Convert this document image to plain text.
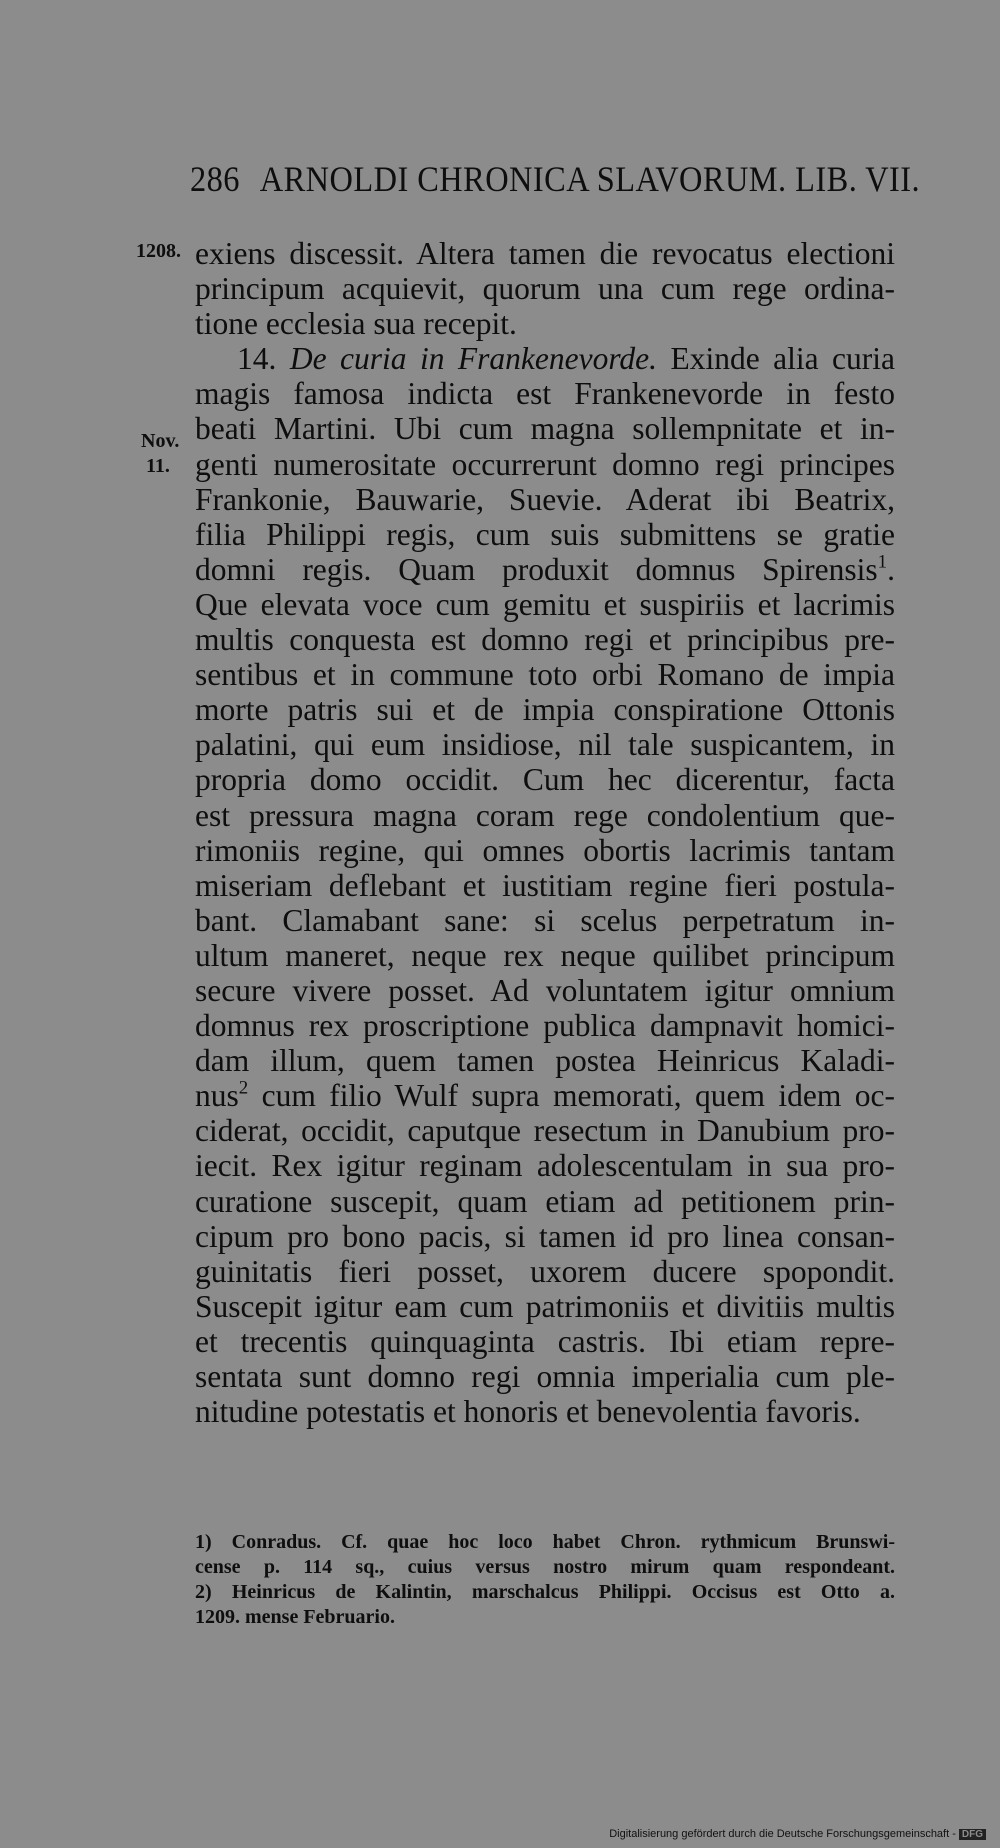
286 ARNOLDI CHRONICA SLAVORUM. LIB. VII.
1208.
Nov.
11.
exiens discessit. Altera tamen die revocatus electioni
principum acquievit, quorum una cum rege ordina-
tione ecclesia sua recepit.
14. De curia in Frankenevorde. Exinde alia curia
magis famosa indicta est Frankenevorde in festo
beati Martini. Ubi cum magna sollempnitate et in-
genti numerositate occurrerunt domno regi principes
Frankonie, Bauwarie, Suevie. Aderat ibi Beatrix,
filia Philippi regis, cum suis submittens se gratie
domni regis. Quam produxit domnus Spirensis$^1$.
Que elevata voce cum gemitu et suspiriis et lacrimis
multis conquesta est domno regi et principibus pre-
sentibus et in commune toto orbi Romano de impia
morte patris sui et de impia conspiratione Ottonis
palatini, qui eum insidiose, nil tale suspicantem, in
propria domo occidit. Cum hec dicerentur, facta
est pressura magna coram rege condolentium que-
rimoniis regine, qui omnes obortis lacrimis tantam
miseriam deflebant et iustitiam regine fieri postula-
bant. Clamabant sane: si scelus perpetratum in-
ultum maneret, neque rex neque quilibet principum
secure vivere posset. Ad voluntatem igitur omnium
domnus rex proscriptione publica dampnavit homici-
dam illum, quem tamen postea Heinricus Kaladi-
nus$^2$ cum filio Wulf supra memorati, quem idem oc-
ciderat, occidit, caputque resectum in Danubium pro-
iecit. Rex igitur reginam adolescentulam in sua pro-
curatione suscepit, quam etiam ad petitionem prin-
cipum pro bono pacis, si tamen id pro linea consan-
guinitatis fieri posset, uxorem ducere spopondit.
Suscepit igitur eam cum patrimoniis et divitiis multis
et trecentis quinquaginta castris. Ibi etiam repre-
sentata sunt domno regi omnia imperialia cum ple-
nitudine potestatis et honoris et benevolentia favoris.
1) Conradus. Cf. quae hoc loco habet Chron. rythmicum Brunswi-
cense p. 114 sq., cuius versus nostro mirum quam respondeant.
2) Heinricus de Kalintin, marschalcus Philippi. Occisus est Otto a.
1209. mense Februario.
Digitalisierung gefördert durch die Deutsche Forschungsgemeinschaft - DFG
